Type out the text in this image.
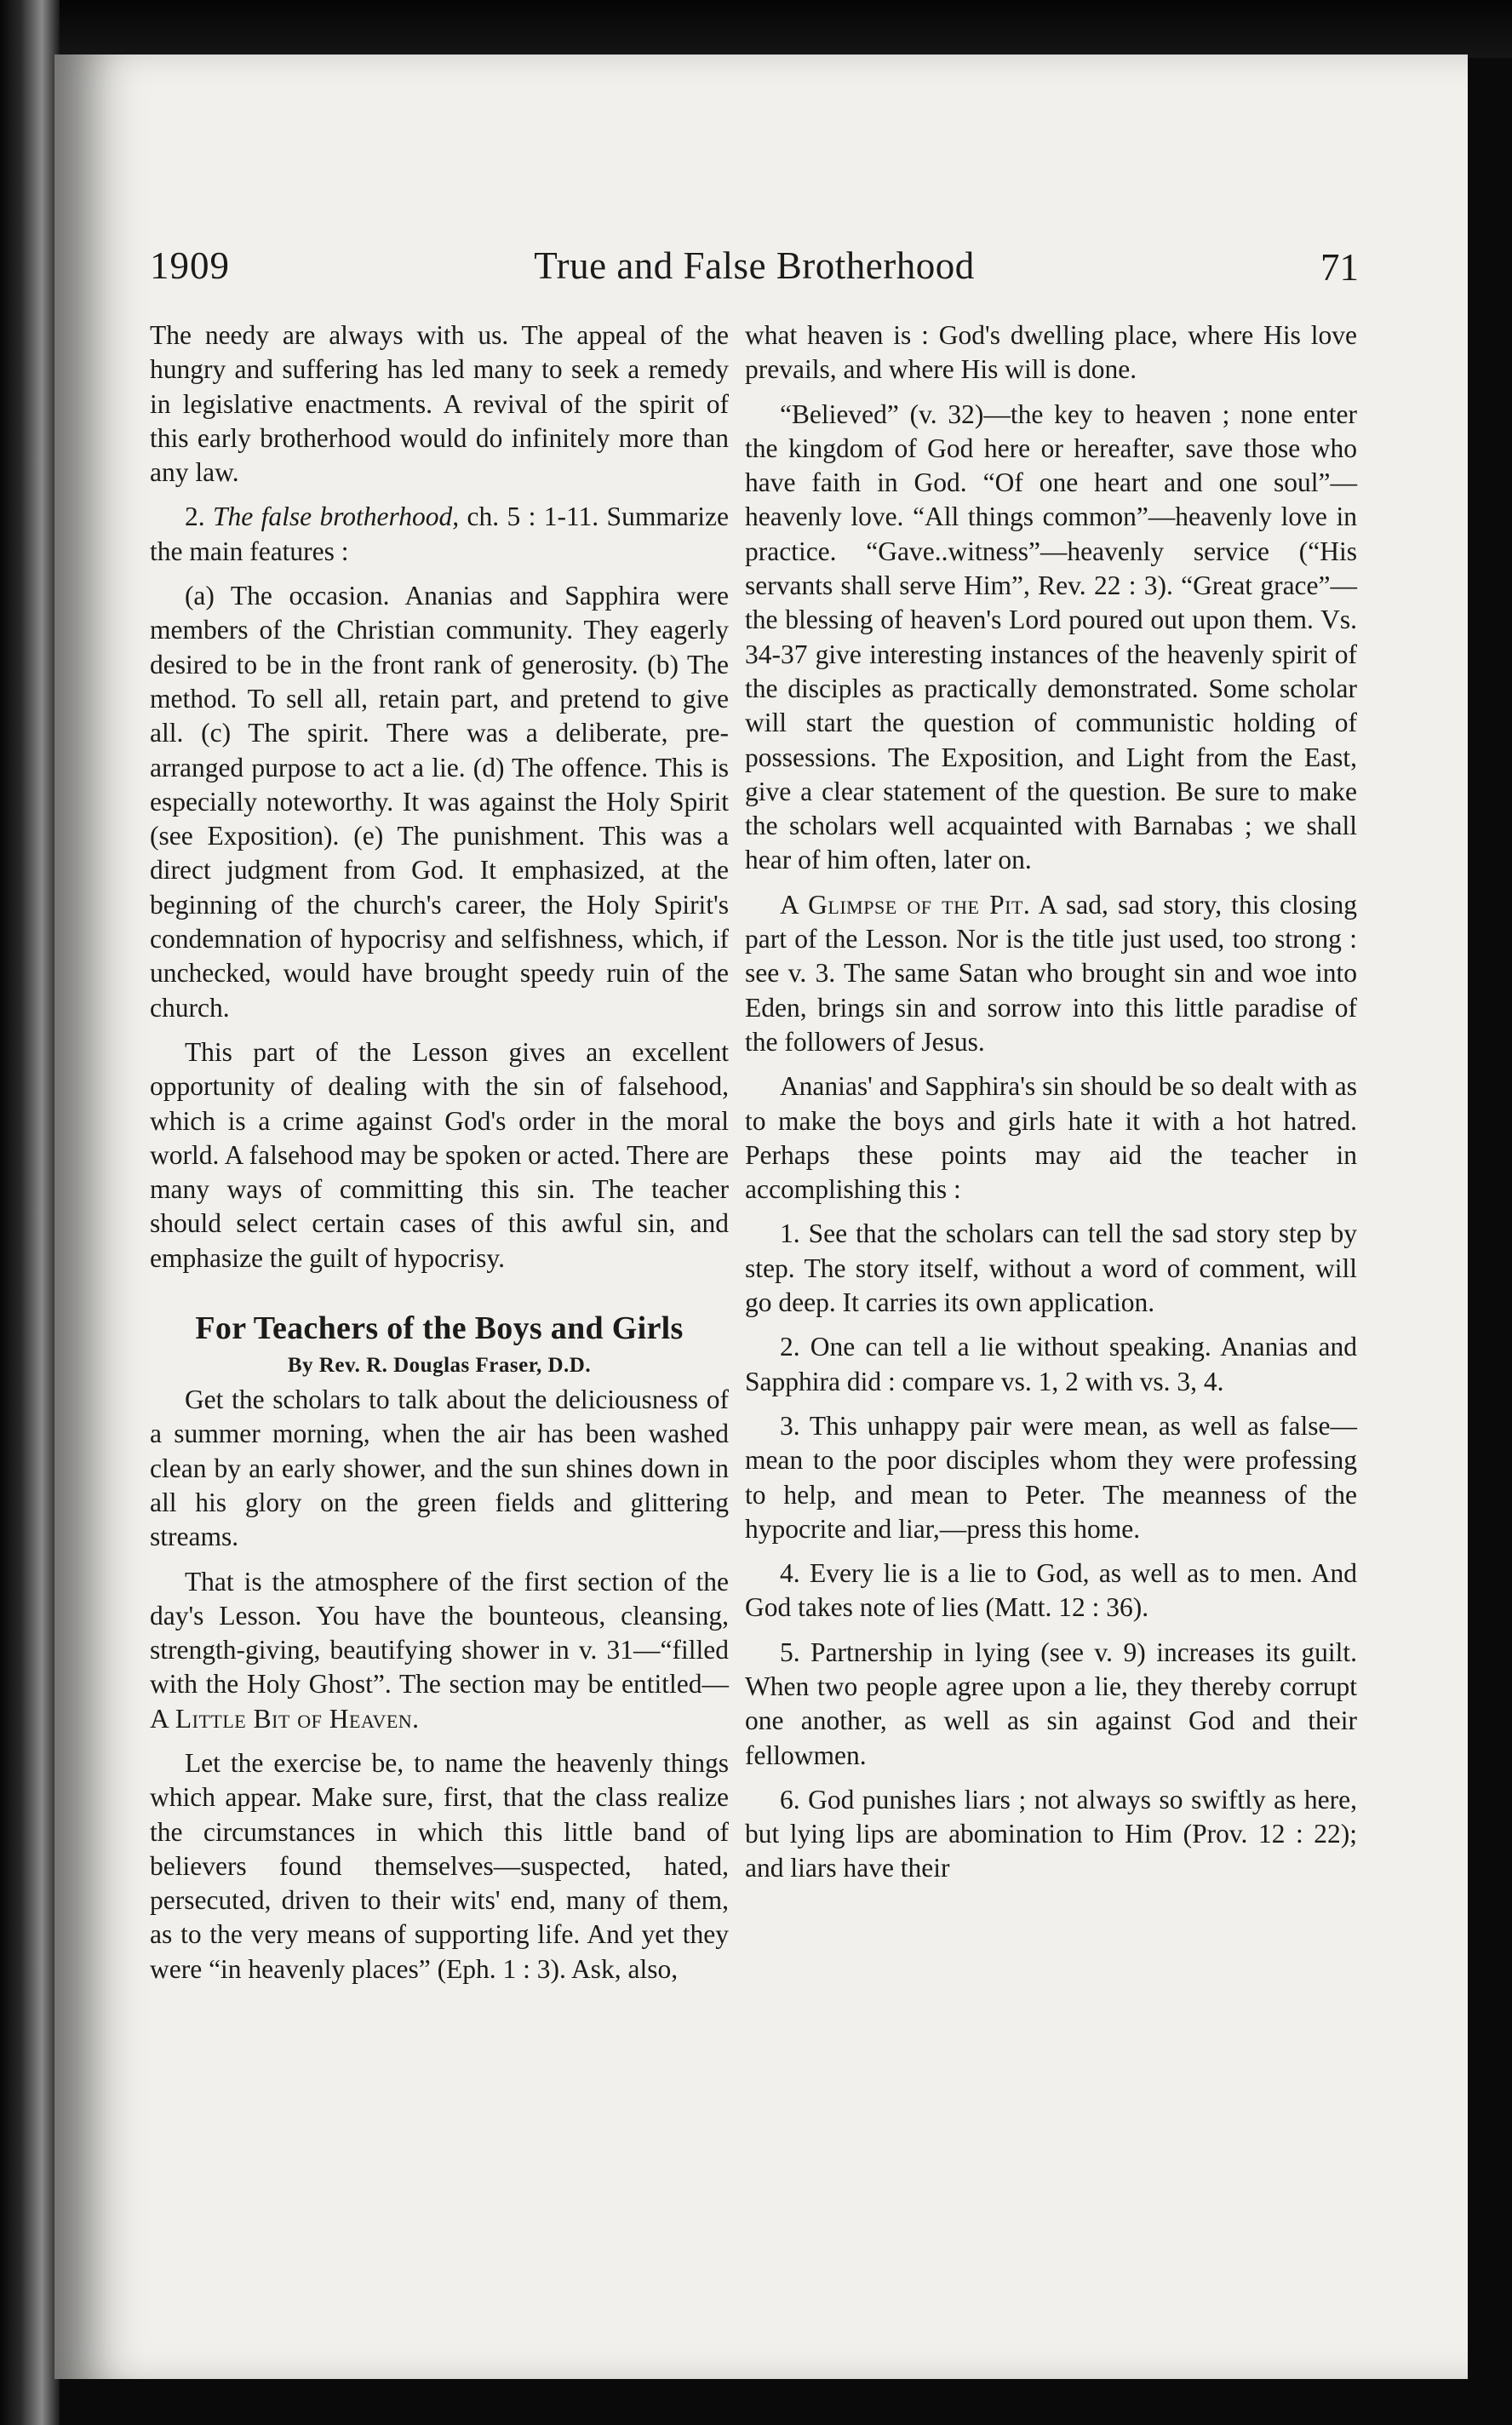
1909	True and False Brotherhood	71

The needy are always with us. The appeal of the hungry and suffering has led many to seek a remedy in legislative enactments. A revival of the spirit of this early brotherhood would do infinitely more than any law.

2. The false brotherhood, ch. 5 : 1-11. Summarize the main features :

(a) The occasion. Ananias and Sapphira were members of the Christian community. They eagerly desired to be in the front rank of generosity. (b) The method. To sell all, retain part, and pretend to give all. (c) The spirit. There was a deliberate, pre-arranged purpose to act a lie. (d) The offence. This is especially noteworthy. It was against the Holy Spirit (see Exposition). (e) The punishment. This was a direct judgment from God. It emphasized, at the beginning of the church's career, the Holy Spirit's condemnation of hypocrisy and selfishness, which, if unchecked, would have brought speedy ruin of the church.

This part of the Lesson gives an excellent opportunity of dealing with the sin of falsehood, which is a crime against God's order in the moral world. A falsehood may be spoken or acted. There are many ways of committing this sin. The teacher should select certain cases of this awful sin, and emphasize the guilt of hypocrisy.

For Teachers of the Boys and Girls
By Rev. R. Douglas Fraser, D.D.

Get the scholars to talk about the deliciousness of a summer morning, when the air has been washed clean by an early shower, and the sun shines down in all his glory on the green fields and glittering streams.

That is the atmosphere of the first section of the day's Lesson. You have the bounteous, cleansing, strength-giving, beautifying shower in v. 31—“filled with the Holy Ghost”. The section may be entitled— A Little Bit of Heaven.

Let the exercise be, to name the heavenly things which appear. Make sure, first, that the class realize the circumstances in which this little band of believers found themselves—suspected, hated, persecuted, driven to their wits' end, many of them, as to the very means of supporting life. And yet they were “in heavenly places” (Eph. 1 : 3). Ask, also,

what heaven is : God's dwelling place, where His love prevails, and where His will is done.

“Believed” (v. 32)—the key to heaven ; none enter the kingdom of God here or hereafter, save those who have faith in God. “Of one heart and one soul”—heavenly love. “All things common”—heavenly love in practice. “Gave..witness”—heavenly service (“His servants shall serve Him”, Rev. 22 : 3). “Great grace”—the blessing of heaven's Lord poured out upon them. Vs. 34-37 give interesting instances of the heavenly spirit of the disciples as practically demonstrated. Some scholar will start the question of communistic holding of possessions. The Exposition, and Light from the East, give a clear statement of the question. Be sure to make the scholars well acquainted with Barnabas ; we shall hear of him often, later on.

A Glimpse of the Pit. A sad, sad story, this closing part of the Lesson. Nor is the title just used, too strong : see v. 3. The same Satan who brought sin and woe into Eden, brings sin and sorrow into this little paradise of the followers of Jesus.

Ananias' and Sapphira's sin should be so dealt with as to make the boys and girls hate it with a hot hatred. Perhaps these points may aid the teacher in accomplishing this :

1. See that the scholars can tell the sad story step by step. The story itself, without a word of comment, will go deep. It carries its own application.

2. One can tell a lie without speaking. Ananias and Sapphira did : compare vs. 1, 2 with vs. 3, 4.

3. This unhappy pair were mean, as well as false—mean to the poor disciples whom they were professing to help, and mean to Peter. The meanness of the hypocrite and liar,—press this home.

4. Every lie is a lie to God, as well as to men. And God takes note of lies (Matt. 12 : 36).

5. Partnership in lying (see v. 9) increases its guilt. When two people agree upon a lie, they thereby corrupt one another, as well as sin against God and their fellowmen.

6. God punishes liars ; not always so swiftly as here, but lying lips are abomination to Him (Prov. 12 : 22); and liars have their
